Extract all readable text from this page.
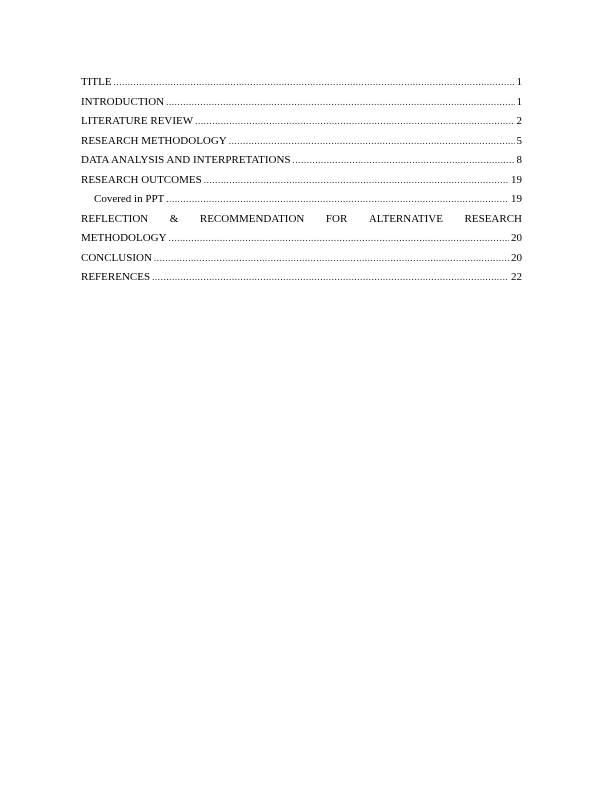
TITLE .....	1
INTRODUCTION .....	1
LITERATURE REVIEW .....	2
RESEARCH METHODOLOGY .....	5
DATA ANALYSIS AND INTERPRETATIONS .....	8
RESEARCH OUTCOMES .....	19
Covered in PPT .....	19
REFLECTION & RECOMMENDATION FOR ALTERNATIVE RESEARCH
METHODOLOGY .....	20
CONCLUSION .....	20
REFERENCES .....	22
